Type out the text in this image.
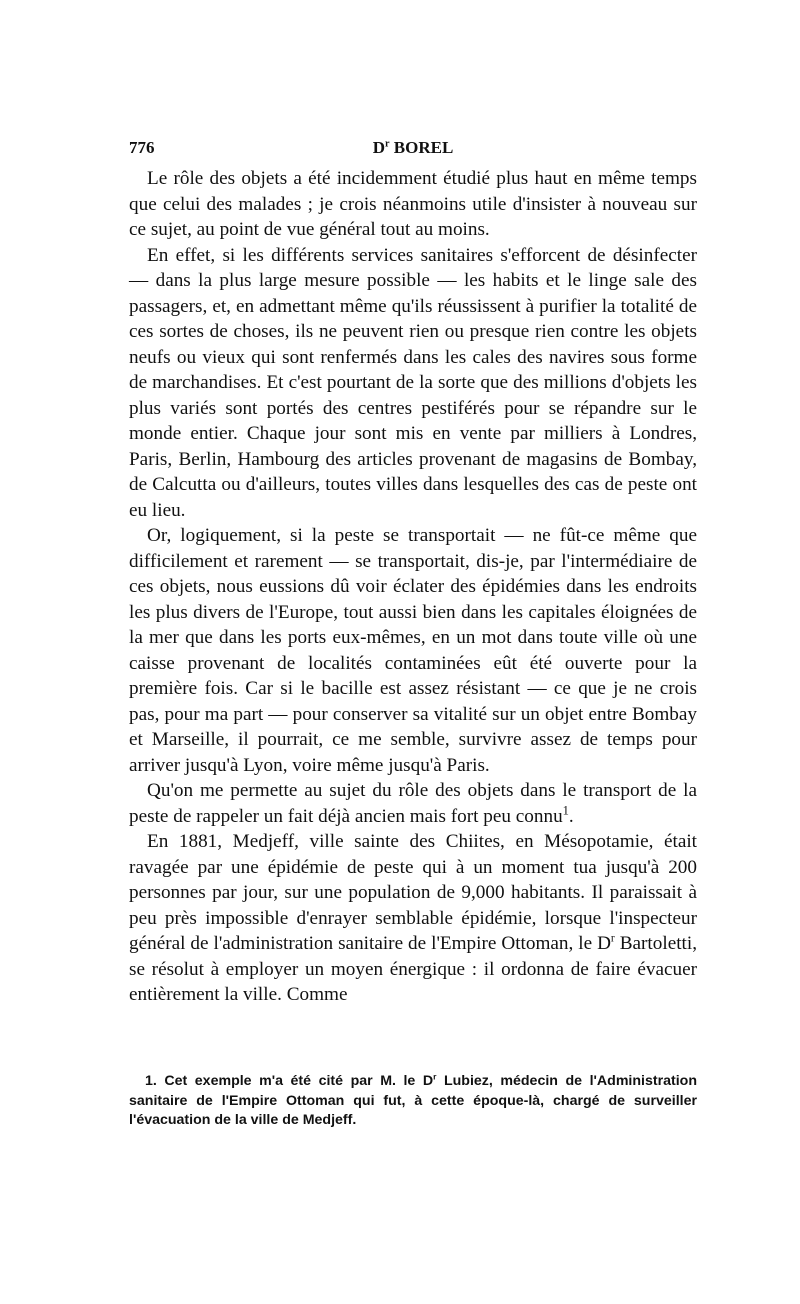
776	$D^r$ BOREL

Le rôle des objets a été incidemment étudié plus haut en même temps que celui des malades ; je crois néanmoins utile d'insister à nouveau sur ce sujet, au point de vue général tout au moins.

En effet, si les différents services sanitaires s'efforcent de désinfecter — dans la plus large mesure possible — les habits et le linge sale des passagers, et, en admettant même qu'ils réussissent à purifier la totalité de ces sortes de choses, ils ne peuvent rien ou presque rien contre les objets neufs ou vieux qui sont renfermés dans les cales des navires sous forme de marchandises. Et c'est pourtant de la sorte que des millions d'objets les plus variés sont portés des centres pestiférés pour se répandre sur le monde entier. Chaque jour sont mis en vente par milliers à Londres, Paris, Berlin, Hambourg des articles provenant de magasins de Bombay, de Calcutta ou d'ailleurs, toutes villes dans lesquelles des cas de peste ont eu lieu.

Or, logiquement, si la peste se transportait — ne fût-ce même que difficilement et rarement — se transportait, dis-je, par l'intermédiaire de ces objets, nous eussions dû voir éclater des épidémies dans les endroits les plus divers de l'Europe, tout aussi bien dans les capitales éloignées de la mer que dans les ports eux-mêmes, en un mot dans toute ville où une caisse provenant de localités contaminées eût été ouverte pour la première fois. Car si le bacille est assez résistant — ce que je ne crois pas, pour ma part — pour conserver sa vitalité sur un objet entre Bombay et Marseille, il pourrait, ce me semble, survivre assez de temps pour arriver jusqu'à Lyon, voire même jusqu'à Paris.

Qu'on me permette au sujet du rôle des objets dans le transport de la peste de rappeler un fait déjà ancien mais fort peu connu$^1$.

En 1881, Medjeff, ville sainte des Chiites, en Mésopotamie, était ravagée par une épidémie de peste qui à un moment tua jusqu'à 200 personnes par jour, sur une population de 9,000 habitants. Il paraissait à peu près impossible d'enrayer semblable épidémie, lorsque l'inspecteur général de l'administration sanitaire de l'Empire Ottoman, le $D^r$ Bartoletti, se résolut à employer un moyen énergique : il ordonna de faire évacuer entièrement la ville. Comme

1. Cet exemple m'a été cité par M. le $D^r$ Lubiez, médecin de l'Administration sanitaire de l'Empire Ottoman qui fut, à cette époque-là, chargé de surveiller l'évacuation de la ville de Medjeff.
